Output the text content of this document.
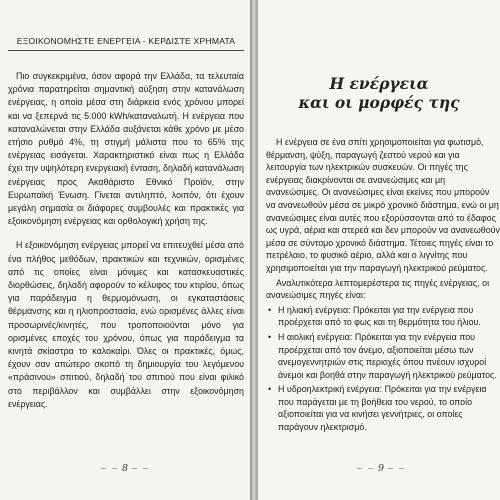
ΕΞΟΙΚΟΝΟΜΗΣΤΕ ΕΝΕΡΓΕΙΑ - ΚΕΡΔΙΣΤΕ ΧΡΗΜΑΤΑ

Πιο συγκεκριμένα, όσον αφορά την Ελλάδα, τα τελευταία χρόνια παρατηρείται σημαντική αύξηση στην κατανάλωση ενέργειας, η οποία μέσα στη διάρκεια ενός χρόνου μπορεί και να ξεπερνά τις 5.000 kWh/καταναλωτή. Η ενέργεια που καταναλώνεται στην Ελλάδα αυξάνεται κάθε χρόνο με μέσο ετήσιο ρυθμό 4%, τη στιγμή μάλιστα που το 65% της ενέργειας εισάγεται. Χαρακτηριστικό είναι πως η Ελλάδα έχει την υψηλότερη ενεργειακή ένταση, δηλαδή κατανάλωση ενέργειας προς Ακαθάριστο Εθνικό Προϊόν, στην Ευρωπαϊκή Ένωση. Γίνεται αντιληπτό, λοιπόν, ότι έχουν μεγάλη σημασία οι διάφορες συμβουλές και πρακτικές για εξοικονόμηση ενέργειας και ορθολογική χρήση της.

Η εξοικονόμηση ενέργειας μπορεί να επιτευχθεί μέσα από ένα πλήθος μεθόδων, πρακτικών και τεχνικών, ορισμένες από τις οποίες είναι μόνιμες και κατασκευαστικές διορθώσεις, δηλαδή αφορούν το κέλυφος του κτιρίου, όπως για παράδειγμα η θερμομόνωση, οι εγκαταστάσεις θέρμανσης και η ηλιοπροστασία, ενώ ορισμένες άλλες είναι προσωρινές/κινητές, που τροποποιούνται μόνο για ορισμένες εποχές του χρόνου, όπως για παράδειγμα τα κινητά σκίαστρα το καλοκαίρι. Όλες οι πρακτικές, όμως, έχουν σαν απώτερο σκοπό τη δημιουργία του λεγόμενου «πράσινου» σπιτιού, δηλαδή του σπιτιού που είναι φιλικό στο περιβάλλον και συμβάλλει στην εξοικονόμηση ενέργειας.

~ ~ 8 ~ ~
Η ενέργεια
και οι μορφές της

Η ενέργεια σε ένα σπίτι χρησιμοποιείται για φωτισμό, θέρμανση, ψύξη, παραγωγή ζεστού νερού και για λειτουργία των ηλεκτρικών συσκευών. Οι πηγές της ενέργειας διακρίνονται σε ανανεώσιμες και μη ανανεώσιμες. Οι ανανεώσιμες είναι εκείνες που μπορούν να ανανεωθούν μέσα σε μικρό χρονικό διάστημα, ενώ οι μη ανανεώσιμες είναι αυτές που εξορύσσονται από το έδαφος ως υγρά, αέρια και στερεά και δεν μπορούν να ανανεωθούν μέσα σε σύντομο χρονικό διάστημα. Τέτοιες πηγές είναι το πετρέλαιο, το φυσικό αέριο, αλλά και ο λιγνίτης που χρησιμοποιείται για την παραγωγή ηλεκτρικού ρεύματος.

Αναλυτικότερα λεπτομερέστερα τις πηγές ενέργειας, οι ανανεώσιμες πηγές είναι:

• Η ηλιακή ενέργεια: Πρόκειται για την ενέργεια που προέρχεται από το φως και τη θερμότητα του ήλιου.
• Η αιολική ενέργεια: Πρόκειται για την ενέργεια που προέρχεται από τον άνεμο, αξιοποιείται μέσω των ανεμογεννητριών στις περιοχές όπου πνέουν ισχυροί άνεμοι και βοηθά στην παραγωγή ηλεκτρικού ρεύματος.
• Η υδροηλεκτρική ενέργεια: Πρόκειται για την ενέργεια που παράγεται με τη βοήθεια του νερού, το οποίο αξιοποιείται για να κινήσει γεννήτριες, οι οποίες παράγουν ηλεκτρισμό.
~ ~ 9 ~ ~
